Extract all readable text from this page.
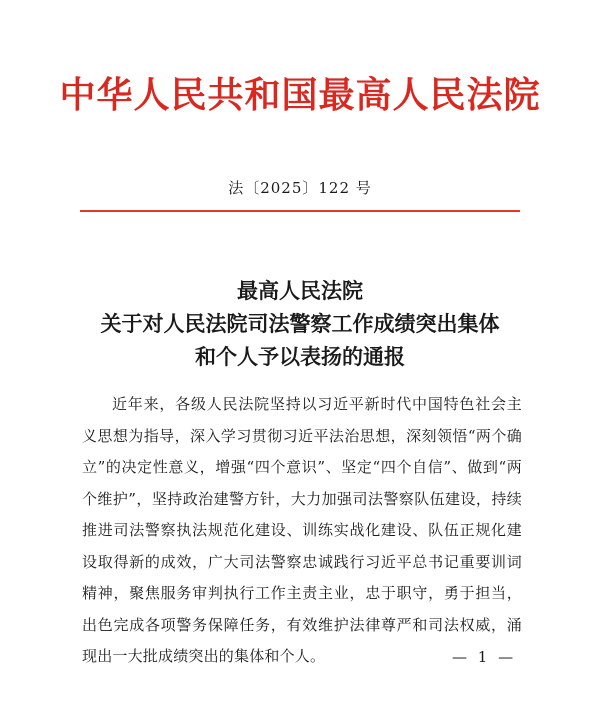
中华人民共和国最高人民法院
法〔2025〕122 号
最高人民法院
关于对人民法院司法警察工作成绩突出集体
和个人予以表扬的通报
近年来，各级人民法院坚持以习近平新时代中国特色社会主义思想为指导，深入学习贯彻习近平法治思想，深刻领悟“两个确立”的决定性意义，增强“四个意识”、坚定“四个自信”、做到“两个维护”，坚持政治建警方针，大力加强司法警察队伍建设，持续推进司法警察执法规范化建设、训练实战化建设、队伍正规化建设取得新的成效，广大司法警察忠诚践行习近平总书记重要训词精神，聚焦服务审判执行工作主责主业，忠于职守，勇于担当，出色完成各项警务保障任务，有效维护法律尊严和司法权威，涌现出一大批成绩突出的集体和个人。	— 1 —
